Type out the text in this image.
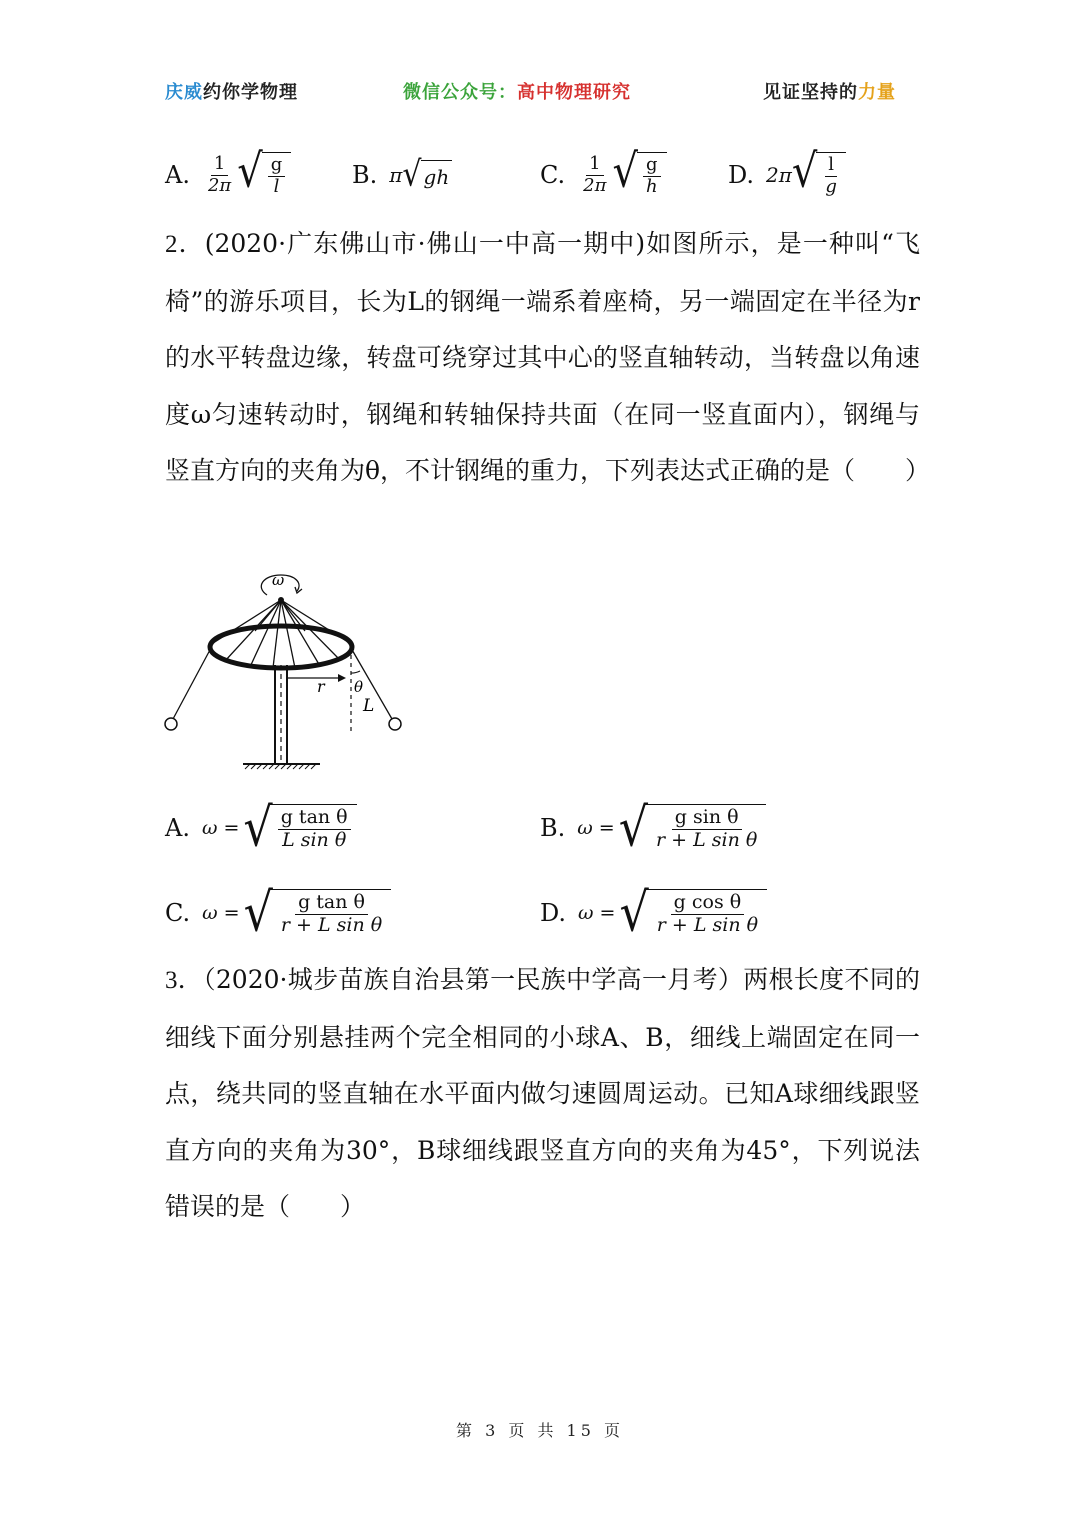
庆威约你学物理	微信公众号：高中物理研究	见证坚持的力量
A. $\frac{1}{2\pi}$ √ $\frac{g}{l}$	B. π √ gh	C. $\frac{1}{2\pi}$ √ $\frac{g}{h}$	D. 2π √ $\frac{l}{g}$
2．(2020·广东佛山市·佛山一中高一期中)如图所示，是一种叫“飞椅”的游乐项目，长为L的钢绳一端系着座椅，另一端固定在半径为r的水平转盘边缘，转盘可绕穿过其中心的竖直轴转动，当转盘以角速度ω匀速转动时，钢绳和转轴保持共面（在同一竖直面内），钢绳与竖直方向的夹角为θ，不计钢绳的重力，下列表达式正确的是（　　）
ω
r θ
L
A. ω = √ $\frac{\text{g tan θ}}{\text{L sin θ}}$	B. ω = √ $\frac{\text{g sin θ}}{\text{r + L sin θ}}$
C. ω = √ $\frac{\text{g tan θ}}{\text{r + L sin θ}}$	D. ω = √ $\frac{\text{g cos θ}}{\text{r + L sin θ}}$
3．（2020·城步苗族自治县第一民族中学高一月考）两根长度不同的细线下面分别悬挂两个完全相同的小球A、B，细线上端固定在同一点，绕共同的竖直轴在水平面内做匀速圆周运动。已知A球细线跟竖直方向的夹角为30°，B球细线跟竖直方向的夹角为45°，下列说法错误的是（　　）
第 3 页 共 15 页
